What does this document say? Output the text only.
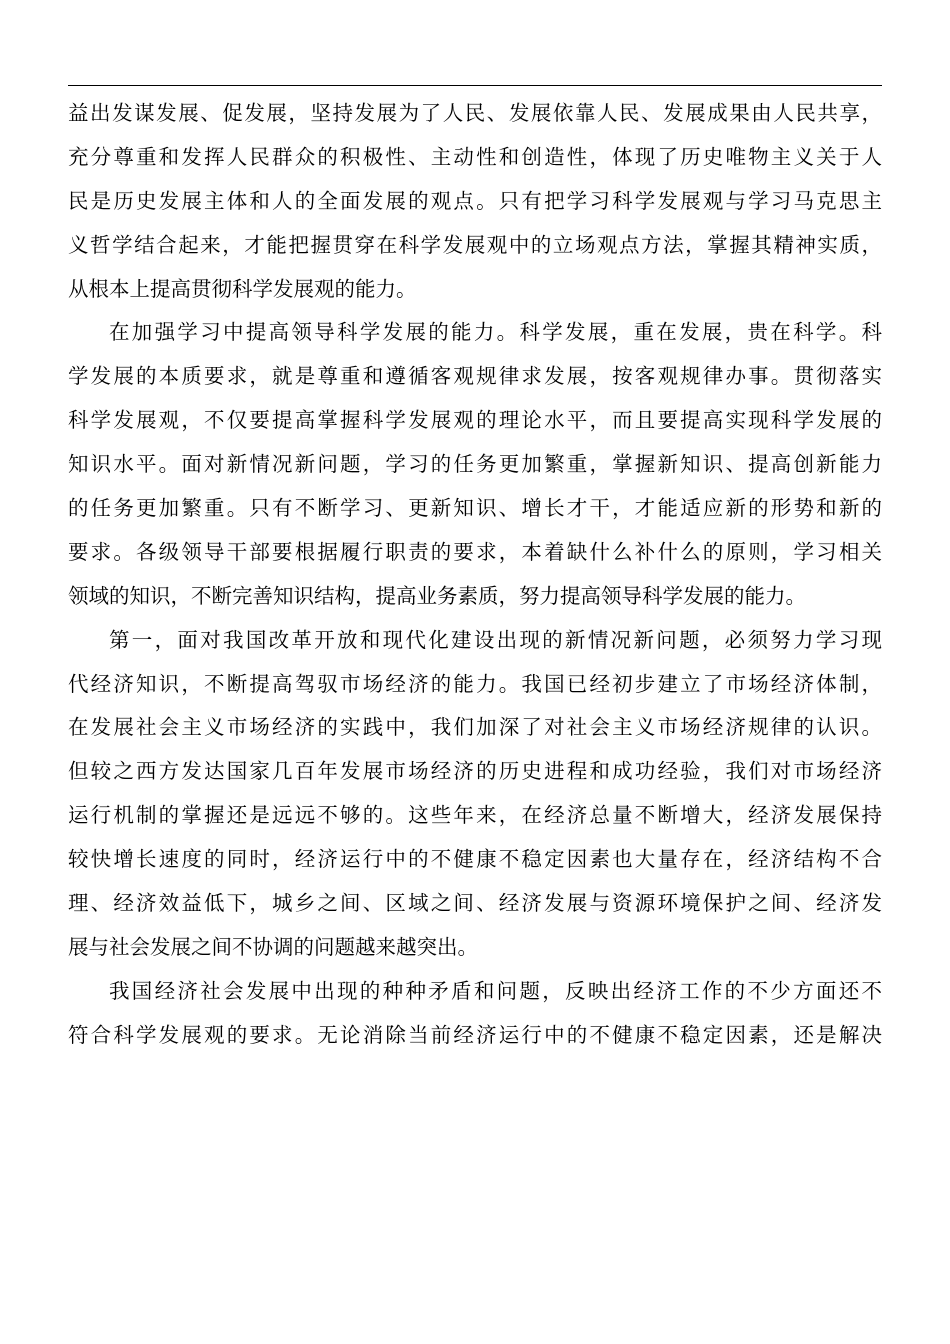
益出发谋发展、促发展，坚持发展为了人民、发展依靠人民、发展成果由人民共享，
充分尊重和发挥人民群众的积极性、主动性和创造性，体现了历史唯物主义关于人
民是历史发展主体和人的全面发展的观点。只有把学习科学发展观与学习马克思主
义哲学结合起来，才能把握贯穿在科学发展观中的立场观点方法，掌握其精神实质，
从根本上提高贯彻科学发展观的能力。
在加强学习中提高领导科学发展的能力。科学发展，重在发展，贵在科学。科
学发展的本质要求，就是尊重和遵循客观规律求发展，按客观规律办事。贯彻落实
科学发展观，不仅要提高掌握科学发展观的理论水平，而且要提高实现科学发展的
知识水平。面对新情况新问题，学习的任务更加繁重，掌握新知识、提高创新能力
的任务更加繁重。只有不断学习、更新知识、增长才干，才能适应新的形势和新的
要求。各级领导干部要根据履行职责的要求，本着缺什么补什么的原则，学习相关
领域的知识，不断完善知识结构，提高业务素质，努力提高领导科学发展的能力。
第一，面对我国改革开放和现代化建设出现的新情况新问题，必须努力学习现
代经济知识，不断提高驾驭市场经济的能力。我国已经初步建立了市场经济体制，
在发展社会主义市场经济的实践中，我们加深了对社会主义市场经济规律的认识。
但较之西方发达国家几百年发展市场经济的历史进程和成功经验，我们对市场经济
运行机制的掌握还是远远不够的。这些年来，在经济总量不断增大，经济发展保持
较快增长速度的同时，经济运行中的不健康不稳定因素也大量存在，经济结构不合
理、经济效益低下，城乡之间、区域之间、经济发展与资源环境保护之间、经济发
展与社会发展之间不协调的问题越来越突出。
我国经济社会发展中出现的种种矛盾和问题，反映出经济工作的不少方面还不
符合科学发展观的要求。无论消除当前经济运行中的不健康不稳定因素，还是解决
